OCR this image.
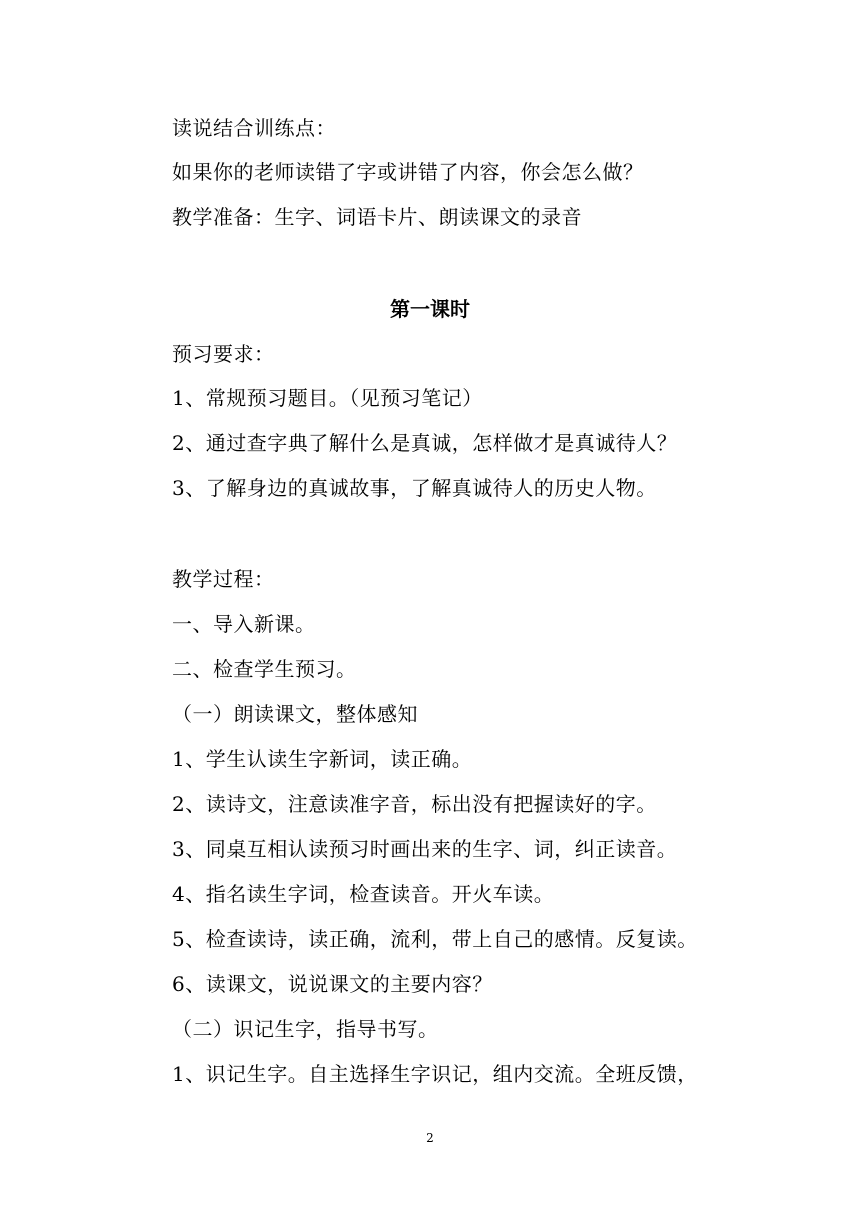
读说结合训练点：
如果你的老师读错了字或讲错了内容，你会怎么做？
教学准备：生字、词语卡片、朗读课文的录音
第一课时
预习要求：
1、常规预习题目。（见预习笔记）
2、通过查字典了解什么是真诚，怎样做才是真诚待人？
3、了解身边的真诚故事，了解真诚待人的历史人物。
教学过程：
一、导入新课。
二、检查学生预习。
（一）朗读课文，整体感知
1、学生认读生字新词，读正确。
2、读诗文，注意读准字音，标出没有把握读好的字。
3、同桌互相认读预习时画出来的生字、词，纠正读音。
4、指名读生字词，检查读音。开火车读。
5、检查读诗，读正确，流利，带上自己的感情。反复读。
6、读课文，说说课文的主要内容？
（二）识记生字，指导书写。
1、识记生字。自主选择生字识记，组内交流。全班反馈，
2
